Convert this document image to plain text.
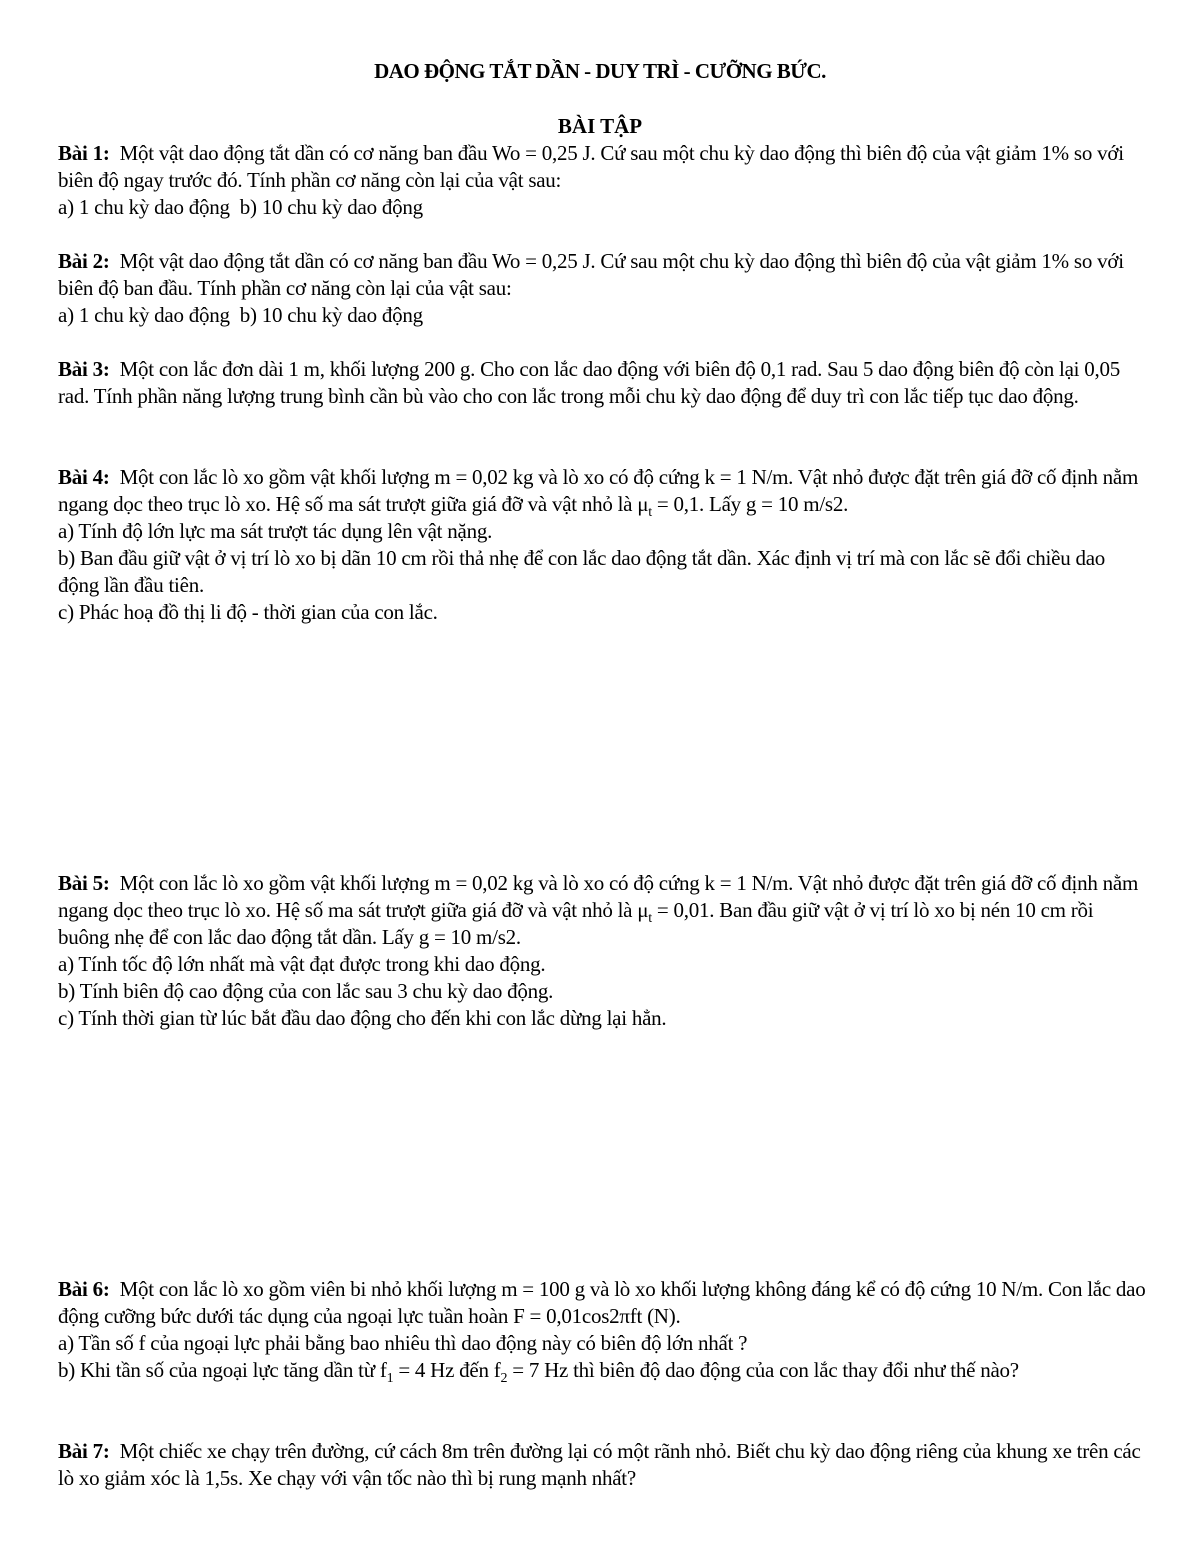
DAO ĐỘNG TẮT DẦN - DUY TRÌ - CƯỠNG BỨC.
BÀI TẬP

Bài 1: Một vật dao động tắt dần có cơ năng ban đầu Wo = 0,25 J. Cứ sau một chu kỳ dao động thì biên độ của vật giảm 1% so với biên độ ngay trước đó. Tính phần cơ năng còn lại của vật sau:

a) 1 chu kỳ dao động  b) 10 chu kỳ dao động

Bài 2: Một vật dao động tắt dần có cơ năng ban đầu Wo = 0,25 J. Cứ sau một chu kỳ dao động thì biên độ của vật giảm 1% so với biên độ ban đầu. Tính phần cơ năng còn lại của vật sau:

a) 1 chu kỳ dao động  b) 10 chu kỳ dao động

Bài 3: Một con lắc đơn dài 1 m, khối lượng 200 g. Cho con lắc dao động với biên độ 0,1 rad. Sau 5 dao động biên độ còn lại 0,05 rad. Tính phần năng lượng trung bình cần bù vào cho con lắc trong mỗi chu kỳ dao động để duy trì con lắc tiếp tục dao động.

Bài 4: Một con lắc lò xo gồm vật khối lượng m = 0,02 kg và lò xo có độ cứng k = 1 N/m. Vật nhỏ được đặt trên giá đỡ cố định nằm ngang dọc theo trục lò xo. Hệ số ma sát trượt giữa giá đỡ và vật nhỏ là $\mu_t = 0,1$. Lấy g = 10 m/s2.

a) Tính độ lớn lực ma sát trượt tác dụng lên vật nặng.

b) Ban đầu giữ vật ở vị trí lò xo bị dãn 10 cm rồi thả nhẹ để con lắc dao động tắt dần. Xác định vị trí mà con lắc sẽ đổi chiều dao động lần đầu tiên.

c) Phác hoạ đồ thị li độ - thời gian của con lắc.

Bài 5: Một con lắc lò xo gồm vật khối lượng m = 0,02 kg và lò xo có độ cứng k = 1 N/m. Vật nhỏ được đặt trên giá đỡ cố định nằm ngang dọc theo trục lò xo. Hệ số ma sát trượt giữa giá đỡ và vật nhỏ là $\mu_t = 0,01$. Ban đầu giữ vật ở vị trí lò xo bị nén 10 cm rồi buông nhẹ để con lắc dao động tắt dần. Lấy g = 10 m/s2.

a) Tính tốc độ lớn nhất mà vật đạt được trong khi dao động.

b) Tính biên độ cao động của con lắc sau 3 chu kỳ dao động.

c) Tính thời gian từ lúc bắt đầu dao động cho đến khi con lắc dừng lại hẳn.

Bài 6: Một con lắc lò xo gồm viên bi nhỏ khối lượng m = 100 g và lò xo khối lượng không đáng kể có độ cứng 10 N/m. Con lắc dao động cưỡng bức dưới tác dụng của ngoại lực tuần hoàn F = 0,01cos2πft (N).

a) Tần số f của ngoại lực phải bằng bao nhiêu thì dao động này có biên độ lớn nhất ?

b) Khi tần số của ngoại lực tăng dần từ $f_1 = 4$ Hz đến $f_2 = 7$ Hz thì biên độ dao động của con lắc thay đổi như thế nào?

Bài 7: Một chiếc xe chạy trên đường, cứ cách 8m trên đường lại có một rãnh nhỏ. Biết chu kỳ dao động riêng của khung xe trên các lò xo giảm xóc là 1,5s. Xe chạy với vận tốc nào thì bị rung mạnh nhất?
